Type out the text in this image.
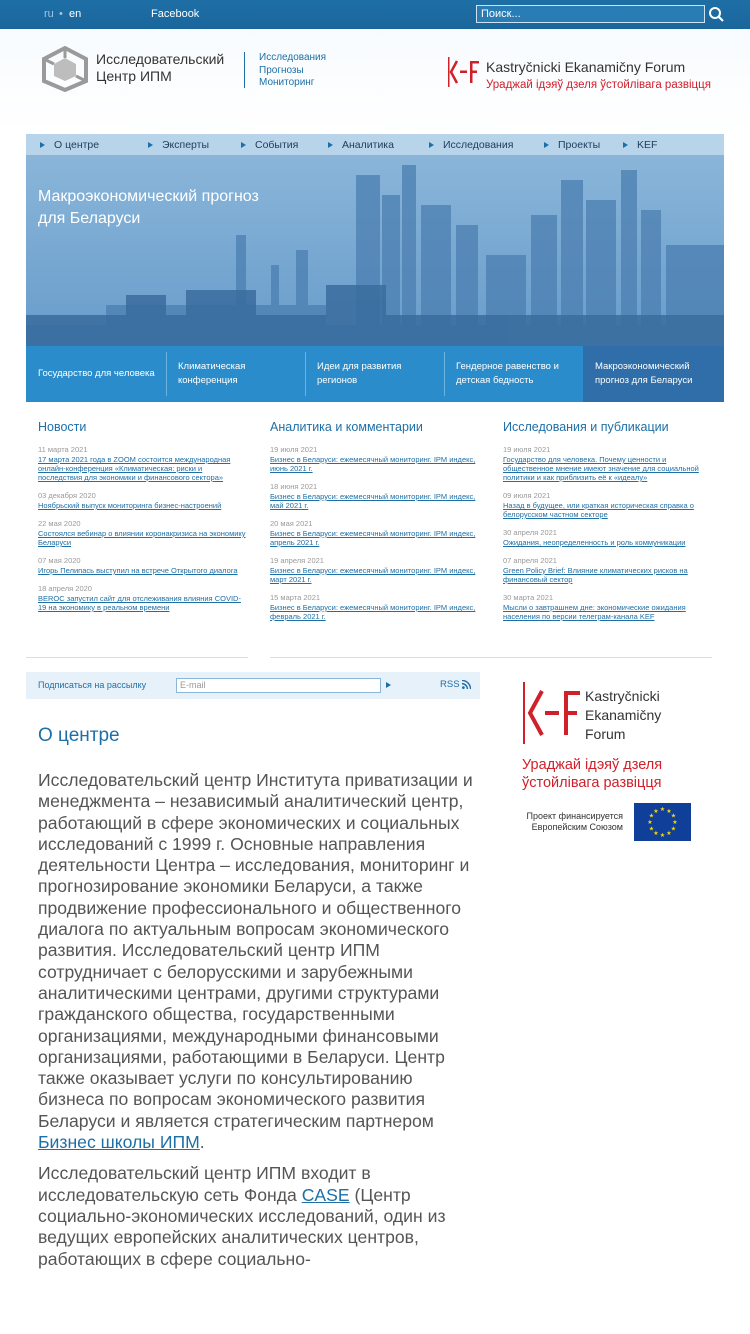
ru • en	Facebook	Поиск...
Исследовательский Центр ИПМ
Исследования
Прогнозы
Мониторинг
Kastryčnicki Ekanamičny Forum
Ураджай ідэяў дзеля ўстойлівага развіцця
О центре	Эксперты	События	Аналитика	Исследования	Проекты	KEF
Макроэкономический прогноз для Беларуси
Государство для человека
Климатическая конференция
Идеи для развития регионов
Гендерное равенство и детская бедность
Макроэкономический прогноз для Беларуси
Новости
11 марта 2021
17 марта 2021 года в ZOOM состоится международная онлайн-конференция «Климатическая: риски и последствия для экономики и финансового сектора»
03 декабря 2020
Ноябрьский выпуск мониторинга бизнес-настроений
22 мая 2020
Состоялся вебинар о влиянии коронакризиса на экономику Беларуси
07 мая 2020
Игорь Пелипась выступил на встрече Открытого диалога
18 апреля 2020
BEROC запустил сайт для отслеживания влияния COVID-19 на экономику в реальном времени
Аналитика и комментарии
19 июля 2021
Бизнес в Беларуси: ежемесячный мониторинг. IPM индекс, июнь 2021 г.
18 июня 2021
Бизнес в Беларуси: ежемесячный мониторинг. IPM индекс, май 2021 г.
20 мая 2021
Бизнес в Беларуси: ежемесячный мониторинг. IPM индекс, апрель 2021 г.
19 апреля 2021
Бизнес в Беларуси: ежемесячный мониторинг. IPM индекс, март 2021 г.
15 марта 2021
Бизнес в Беларуси: ежемесячный мониторинг. IPM индекс, февраль 2021 г.
Исследования и публикации
19 июля 2021
Государство для человека. Почему ценности и общественное мнение имеют значение для социальной политики и как приблизить её к «идеалу»
09 июля 2021
Назад в будущее, или краткая историческая справка о белорусском частном секторе
30 апреля 2021
Ожидания, неопределенность и роль коммуникации
07 апреля 2021
Green Policy Brief: Влияние климатических рисков на финансовый сектор
30 марта 2021
Мысли о завтрашнем дне: экономические ожидания населения по версии телеграм-канала KEF
Подписаться на рассылку	E-mail	RSS
О центре

Исследовательский центр Института приватизации и менеджмента – независимый аналитический центр, работающий в сфере экономических и социальных исследований с 1999 г. Основные направления деятельности Центра – исследования, мониторинг и прогнозирование экономики Беларуси, а также продвижение профессионального и общественного диалога по актуальным вопросам экономического развития. Исследовательский центр ИПМ сотрудничает с белорусскими и зарубежными аналитическими центрами, другими структурами гражданского общества, государственными организациями, международными финансовыми организациями, работающими в Беларуси. Центр также оказывает услуги по консультированию бизнеса по вопросам экономического развития Беларуси и является стратегическим партнером Бизнес школы ИПМ.

Исследовательский центр ИПМ входит в исследовательскую сеть Фонда CASE (Центр социально-экономических исследований, один из ведущих европейских аналитических центров, работающих в сфере социально-

Kastryčnicki
Ekanamičny
Forum
Ураджай ідэяў дзеля
ўстойлівага развіцця
Проект финансируется
Европейским Союзом
★ ★
★
★
★
★
★
★
★
★
★
★
